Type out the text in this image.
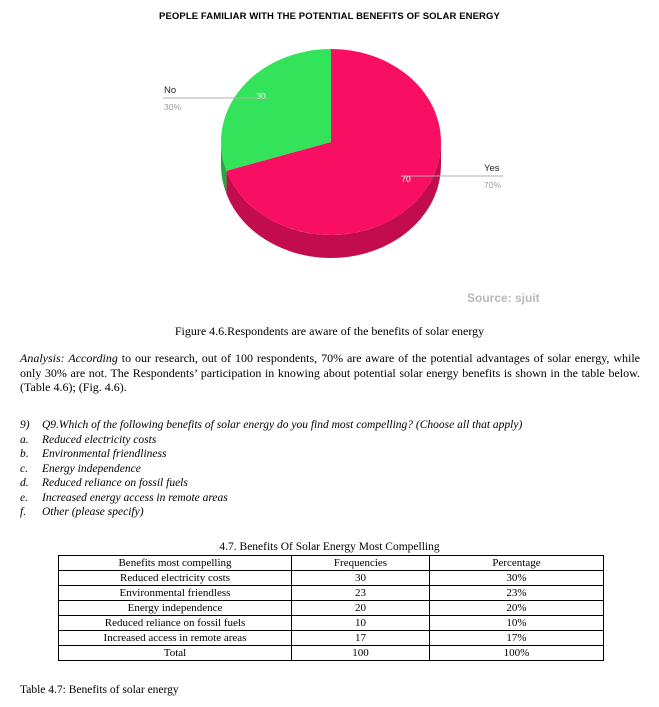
PEOPLE FAMILIAR WITH THE POTENTIAL BENEFITS OF SOLAR ENERGY
70
30
No
30%
Yes
70%
Source: sjuit
Figure 4.6.Respondents are aware of the benefits of solar energy
Analysis: According to our research, out of 100 respondents, 70% are aware of the potential advantages of solar energy, while only 30% are not. The Respondents’ participation in knowing about potential solar energy benefits is shown in the table below. (Table 4.6); (Fig. 4.6).
9)	Q9.Which of the following benefits of solar energy do you find most compelling? (Choose all that apply)
a.	Reduced electricity costs
b.	Environmental friendliness
c.	Energy independence
d.	Reduced reliance on fossil fuels
e.	Increased energy access in remote areas
f.	Other (please specify)
4.7. Benefits Of Solar Energy Most Compelling
Benefits most compelling	Frequencies	Percentage
Reduced electricity costs	30	30%
Environmental friendless	23	23%
Energy independence	20	20%
Reduced reliance on fossil fuels	10	10%
Increased access in remote areas	17	17%
Total	100	100%
Table 4.7: Benefits of solar energy
